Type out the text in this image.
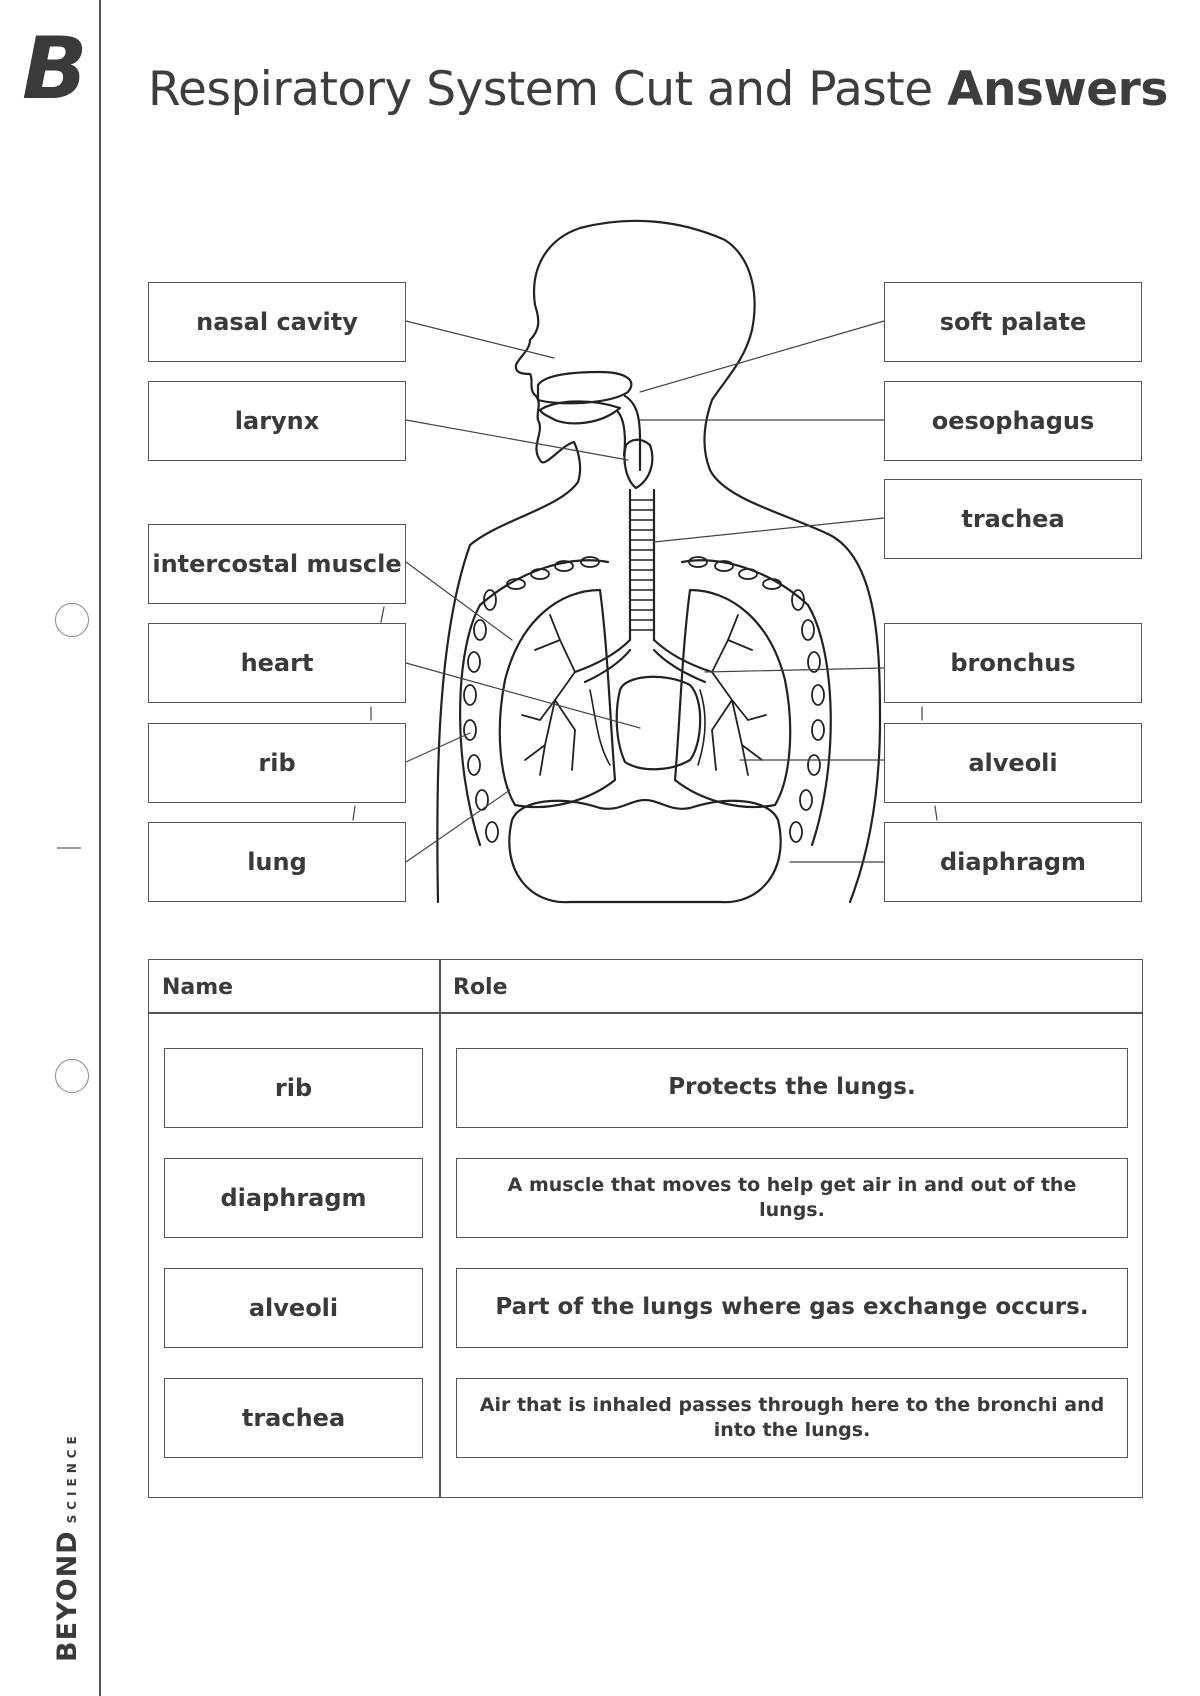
B
BEYONDSCIENCE
Respiratory System Cut and Paste Answers
nasal cavity
larynx
intercostal muscle
heart
rib
lung
soft palate
oesophagus
trachea
bronchus
alveoli
diaphragm
Name	Role
rib	Protects the lungs.
diaphragm	A muscle that moves to help get air in and out of the lungs.
alveoli	Part of the lungs where gas exchange occurs.
trachea	Air that is inhaled passes through here to the bronchi and into the lungs.
